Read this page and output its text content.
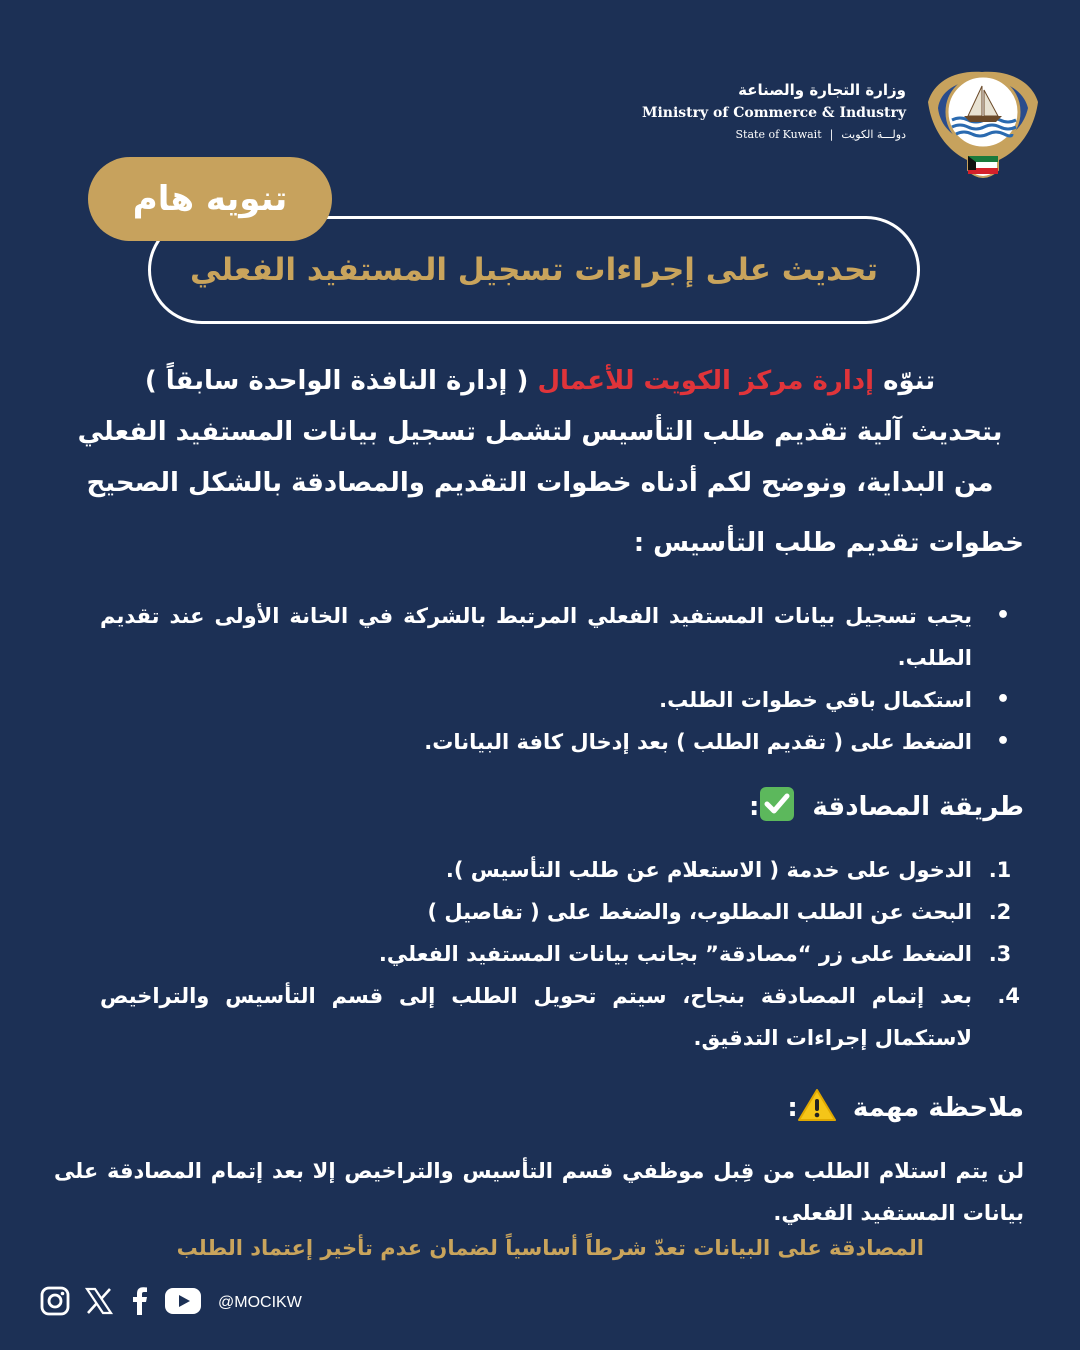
وزارة التجارة والصناعة
Ministry of Commerce & Industry
State of Kuwait | دولـــة الكويت
تحديث على إجراءات تسجيل المستفيد الفعلي
تنويه هام
تنوّه إدارة مركز الكويت للأعمال ( إدارة النافذة الواحدة سابقاً )
بتحديث آلية تقديم طلب التأسيس لتشمل تسجيل بيانات المستفيد الفعلي
من البداية، ونوضح لكم أدناه خطوات التقديم والمصادقة بالشكل الصحيح
خطوات تقديم طلب التأسيس :
• يجب تسجيل بيانات المستفيد الفعلي المرتبط بالشركة في الخانة الأولى عند تقديم الطلب.
• استكمال باقي خطوات الطلب.
• الضغط على ( تقديم الطلب ) بعد إدخال كافة البيانات.
طريقة المصادقة :
1.
الدخول على خدمة ( الاستعلام عن طلب التأسيس ).
2.
البحث عن الطلب المطلوب، والضغط على ( تفاصيل )
3.
الضغط على زر “مصادقة” بجانب بيانات المستفيد الفعلي.
4.
بعد إتمام المصادقة بنجاح، سيتم تحويل الطلب إلى قسم التأسيس والتراخيص لاستكمال إجراءات التدقيق.
ملاحظة مهمة :
لن يتم استلام الطلب من قِبل موظفي قسم التأسيس والتراخيص إلا بعد إتمام المصادقة على بيانات المستفيد الفعلي.
المصادقة على البيانات تعدّ شرطاً أساسياً لضمان عدم تأخير إعتماد الطلب
@MOCIKW
